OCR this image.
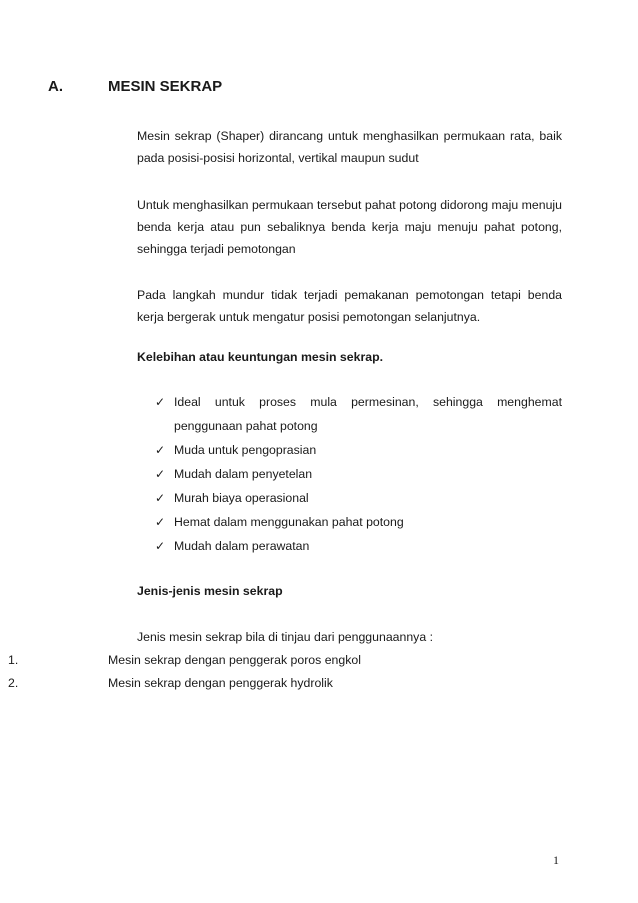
A.	MESIN SEKRAP

Mesin sekrap (Shaper) dirancang untuk menghasilkan permukaan rata, baik pada posisi-posisi horizontal, vertikal maupun sudut

Untuk menghasilkan permukaan tersebut pahat potong didorong maju menuju benda kerja atau pun sebaliknya benda kerja maju menuju pahat potong, sehingga terjadi pemotongan

Pada langkah mundur tidak terjadi pemakanan pemotongan tetapi benda kerja bergerak untuk mengatur posisi pemotongan selanjutnya.

Kelebihan atau keuntungan mesin sekrap.
✓ Ideal untuk proses mula permesinan, sehingga menghemat penggunaan pahat potong
✓ Muda untuk pengoprasian
✓ Mudah dalam penyetelan
✓ Murah biaya operasional
✓ Hemat dalam menggunakan pahat potong
✓ Mudah dalam perawatan
Jenis-jenis mesin sekrap
Jenis mesin sekrap bila di tinjau dari penggunaannya :
1.	Mesin sekrap dengan penggerak poros engkol
2.	Mesin sekrap dengan penggerak hydrolik
1
